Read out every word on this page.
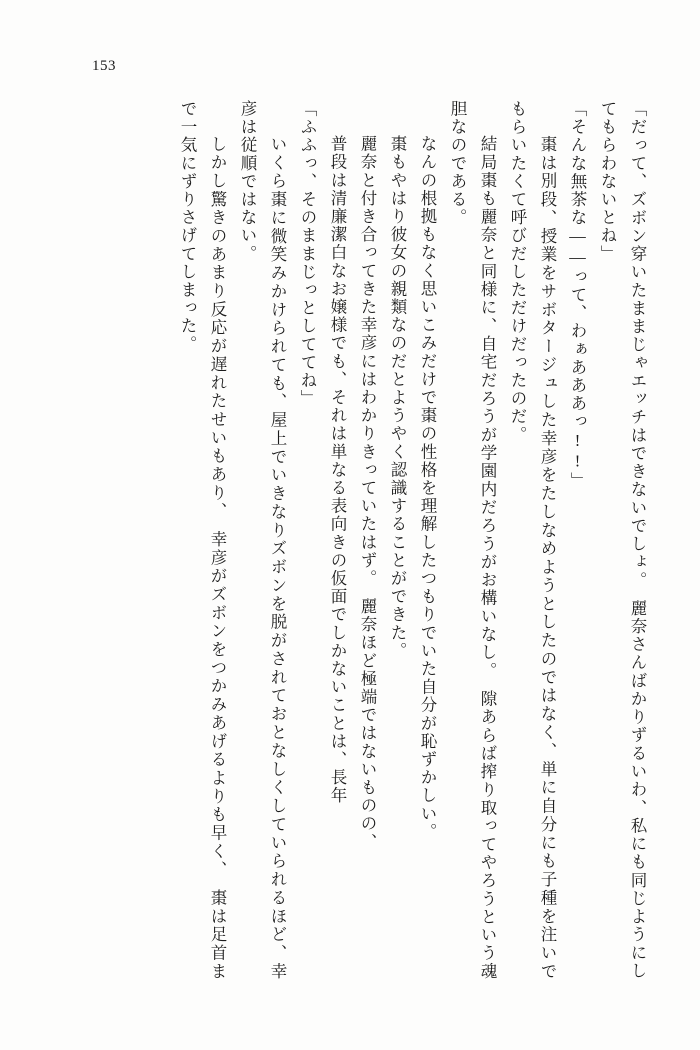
153
「だって、ズボン穿いたままじゃエッチはできないでしょ。　麗奈さんばかりずるいわ、私にも同じようにしてもらわないとね」
「そんな無茶な——って、わぁあああっ!!」
　棗は別段、授業をサボタージュした幸彦をたしなめようとしたのではなく、単に自分にも子種を注いでもらいたくて呼びだしただけだったのだ。
　結局棗も麗奈と同様に、自宅だろうが学園内だろうがお構いなし。　隙あらば搾り取ってやろうという魂胆なのである。
　なんの根拠もなく思いこみだけで棗の性格を理解したつもりでいた自分が恥ずかしい。
　棗もやはり彼女の親類なのだとようやく認識することができた。
　麗奈と付き合ってきた幸彦にはわかりきっていたはず。　麗奈ほど極端ではないものの、
　普段は清廉潔白なお嬢様でも、それは単なる表向きの仮面でしかないことは、長年
「ふふっ、そのままじっとしててね」
　いくら棗に微笑みかけられても、屋上でいきなりズボンを脱がされておとなしくしていられるほど、幸彦は従順ではない。
　しかし驚きのあまり反応が遅れたせいもあり、　幸彦がズボンをつかみあげるよりも早く、　棗は足首まで一気にずりさげてしまった。
